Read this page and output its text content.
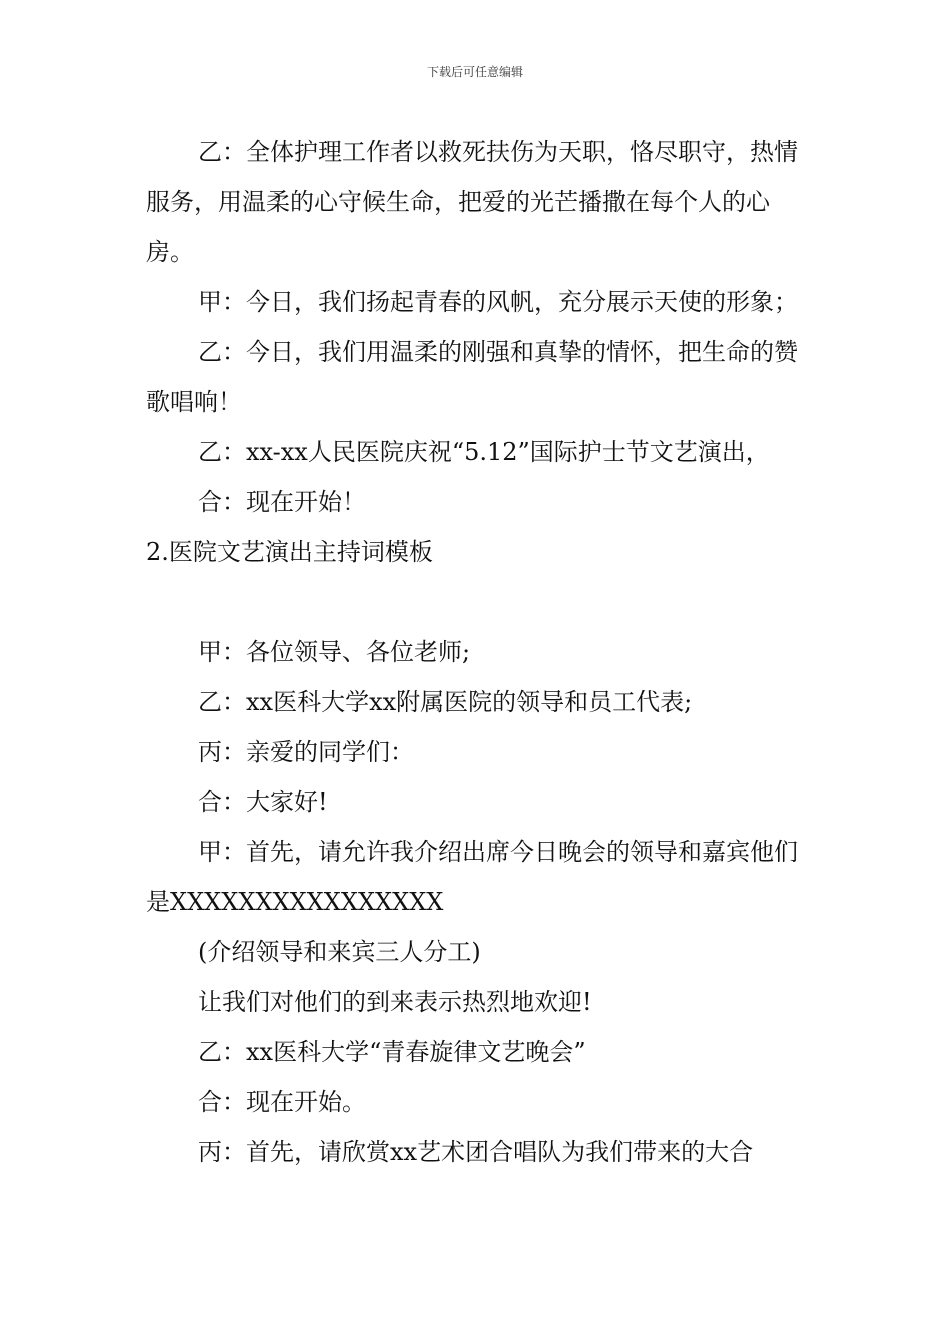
下载后可任意编辑

乙：全体护理工作者以救死扶伤为天职，恪尽职守，热情服务，用温柔的心守候生命，把爱的光芒播撒在每个人的心房。

甲：今日，我们扬起青春的风帆，充分展示天使的形象；

乙：今日，我们用温柔的刚强和真挚的情怀，把生命的赞歌唱响！

乙：xx-xx人民医院庆祝“5.12”国际护士节文艺演出，

合：现在开始！

2.医院文艺演出主持词模板

甲：各位领导、各位老师;

乙：xx医科大学xx附属医院的领导和员工代表;

丙：亲爱的同学们：

合：大家好!

甲：首先，请允许我介绍出席今日晚会的领导和嘉宾他们是XXXXXXXXXXXXXXXX

(介绍领导和来宾三人分工)

让我们对他们的到来表示热烈地欢迎!

乙：xx医科大学“青春旋律文艺晚会”

合：现在开始。

丙：首先，请欣赏xx艺术团合唱队为我们带来的大合
